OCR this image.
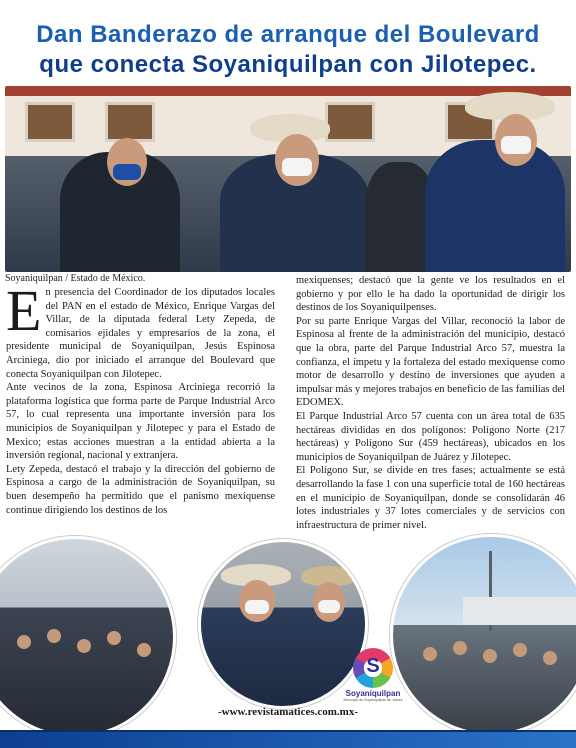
Dan Banderazo de arranque del Boulevard
que conecta Soyaniquilpan con Jilotepec.
Soyaniquilpan / Estado de México.

En presencia del Coordinador de los diputados locales del PAN en el estado de México, Enrique Vargas del Villar, de la diputada federal Lety Zepeda, de comisarios ejidales y empresarios de la zona, el presidente municipal de Soyaniquilpan, Jesús Espinosa Arciniega, dio por iniciado el arranque del Boulevard que conecta Soyaniquilpan con Jilotepec.

Ante vecinos de la zona, Espinosa Arciniega recorrió la plataforma logística que forma parte de Parque Industrial Arco 57, lo cual representa una importante inversión para los municipios de Soyaniquilpan y Jilotepec y para el Estado de Mexico; estas acciones muestran a la entidad abierta a la inversión regional, nacional y extranjera.

Lety Zepeda, destacó el trabajo y la dirección del gobierno de Espinosa a cargo de la administración de Soyaniquilpan, su buen desempeño ha permitido que el panismo mexiquense continue dirigiendo los destinos de los

mexiquenses; destacó que la gente ve los resultados en el gobierno y por ello le ha dado la oportunidad de dirigir los destinos de los Soyaniquilpenses.

Por su parte Enrique Vargas del Villar, reconoció la labor de Espinosa al frente de la administración del municipio, destacó que la obra, parte del Parque Industrial Arco 57, muestra la confianza, el ímpetu y la fortaleza del estado mexiquense como motor de desarrollo y destino de inversiones que ayuden a impulsar más y mejores trabajos en beneficio de las familias del EDOMEX.

El Parque Industrial Arco 57 cuenta con un área total de 635 hectáreas divididas en dos polígonos: Polígono Norte (217 hectáreas) y Polígono Sur (459 hectáreas), ubicados en los municipios de Soyaniquilpan de Juárez y Jilotepec.

El Polígono Sur, se divide en tres fases; actualmente se está desarrollando la fase 1 con una superficie total de 160 hectáreas en el municipio de Soyaniquilpan, donde se consolidarán 46 lotes industriales y 37 lotes comerciales y de servicios con infraestructura de primer nivel.

S
Soyaniquilpan
Municipio de Soyaniquilpan de Juárez
-www.revistamatices.com.mx-
